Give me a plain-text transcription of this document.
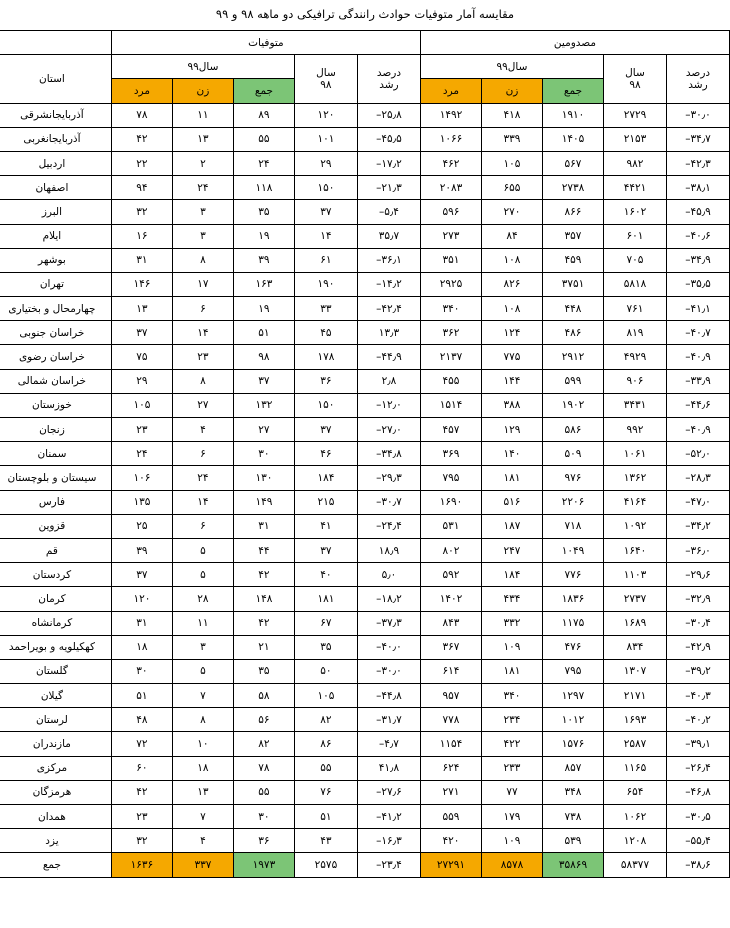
مقایسه آمار متوفیات حوادث رانندگی ترافیکی دو ماهه ۹۸ و ۹۹
مصدومین					متوفیات					

درصد
رشد

سال
۹۸
	سال۹۹	
درصد
رشد

سال
۹۸
	سال۹۹	استان
		جمع	زن	مرد			جمع	زن	مرد	
۳۰٫۰–	۲۷۲۹	۱۹۱۰	۴۱۸	۱۴۹۲	۲۵٫۸–	۱۲۰	۸۹	۱۱	۷۸	آذربایجانشرقی
۳۴٫۷–	۲۱۵۳	۱۴۰۵	۳۳۹	۱۰۶۶	۴۵٫۵–	۱۰۱	۵۵	۱۳	۴۲	آذربایجانغربی
۴۲٫۳–	۹۸۲	۵۶۷	۱۰۵	۴۶۲	۱۷٫۲–	۲۹	۲۴	۲	۲۲	اردبیل
۳۸٫۱–	۴۴۲۱	۲۷۳۸	۶۵۵	۲۰۸۳	۲۱٫۳–	۱۵۰	۱۱۸	۲۴	۹۴	اصفهان
۴۵٫۹–	۱۶۰۲	۸۶۶	۲۷۰	۵۹۶	۵٫۴–	۳۷	۳۵	۳	۳۲	البرز
۴۰٫۶–	۶۰۱	۳۵۷	۸۴	۲۷۳	۳۵٫۷	۱۴	۱۹	۳	۱۶	ایلام
۳۴٫۹–	۷۰۵	۴۵۹	۱۰۸	۳۵۱	۳۶٫۱–	۶۱	۳۹	۸	۳۱	بوشهر
۳۵٫۵–	۵۸۱۸	۳۷۵۱	۸۲۶	۲۹۲۵	۱۴٫۲–	۱۹۰	۱۶۳	۱۷	۱۴۶	تهران
۴۱٫۱–	۷۶۱	۴۴۸	۱۰۸	۳۴۰	۴۲٫۴–	۳۳	۱۹	۶	۱۳	چهارمحال و بختیاری
۴۰٫۷–	۸۱۹	۴۸۶	۱۲۴	۳۶۲	۱۳٫۳	۴۵	۵۱	۱۴	۳۷	خراسان جنوبی
۴۰٫۹–	۴۹۲۹	۲۹۱۲	۷۷۵	۲۱۳۷	۴۴٫۹–	۱۷۸	۹۸	۲۳	۷۵	خراسان رضوی
۳۳٫۹–	۹۰۶	۵۹۹	۱۴۴	۴۵۵	۲٫۸	۳۶	۳۷	۸	۲۹	خراسان شمالی
۴۴٫۶–	۳۴۳۱	۱۹۰۲	۳۸۸	۱۵۱۴	۱۲٫۰–	۱۵۰	۱۳۲	۲۷	۱۰۵	خوزستان
۴۰٫۹–	۹۹۲	۵۸۶	۱۲۹	۴۵۷	۲۷٫۰–	۳۷	۲۷	۴	۲۳	زنجان
۵۲٫۰–	۱۰۶۱	۵۰۹	۱۴۰	۳۶۹	۳۴٫۸–	۴۶	۳۰	۶	۲۴	سمنان
۲۸٫۳–	۱۳۶۲	۹۷۶	۱۸۱	۷۹۵	۲۹٫۳–	۱۸۴	۱۳۰	۲۴	۱۰۶	سیستان و بلوچستان
۴۷٫۰–	۴۱۶۴	۲۲۰۶	۵۱۶	۱۶۹۰	۳۰٫۷–	۲۱۵	۱۴۹	۱۴	۱۳۵	فارس
۳۴٫۲–	۱۰۹۲	۷۱۸	۱۸۷	۵۳۱	۲۴٫۴–	۴۱	۳۱	۶	۲۵	قزوین
۳۶٫۰–	۱۶۴۰	۱۰۴۹	۲۴۷	۸۰۲	۱۸٫۹	۳۷	۴۴	۵	۳۹	قم
۲۹٫۶–	۱۱۰۳	۷۷۶	۱۸۴	۵۹۲	۵٫۰	۴۰	۴۲	۵	۳۷	کردستان
۳۲٫۹–	۲۷۳۷	۱۸۳۶	۴۳۴	۱۴۰۲	۱۸٫۲–	۱۸۱	۱۴۸	۲۸	۱۲۰	کرمان
۳۰٫۴–	۱۶۸۹	۱۱۷۵	۳۳۲	۸۴۳	۳۷٫۳–	۶۷	۴۲	۱۱	۳۱	کرمانشاه
۴۲٫۹–	۸۳۴	۴۷۶	۱۰۹	۳۶۷	۴۰٫۰–	۳۵	۲۱	۳	۱۸	کهکیلویه و بویراحمد
۳۹٫۲–	۱۳۰۷	۷۹۵	۱۸۱	۶۱۴	۳۰٫۰–	۵۰	۳۵	۵	۳۰	گلستان
۴۰٫۳–	۲۱۷۱	۱۲۹۷	۳۴۰	۹۵۷	۴۴٫۸–	۱۰۵	۵۸	۷	۵۱	گیلان
۴۰٫۲–	۱۶۹۳	۱۰۱۲	۲۳۴	۷۷۸	۳۱٫۷–	۸۲	۵۶	۸	۴۸	لرستان
۳۹٫۱–	۲۵۸۷	۱۵۷۶	۴۲۲	۱۱۵۴	۴٫۷–	۸۶	۸۲	۱۰	۷۲	مازندران
۲۶٫۴–	۱۱۶۵	۸۵۷	۲۳۳	۶۲۴	۴۱٫۸	۵۵	۷۸	۱۸	۶۰	مرکزی
۴۶٫۸–	۶۵۴	۳۴۸	۷۷	۲۷۱	۲۷٫۶–	۷۶	۵۵	۱۳	۴۲	هرمزگان
۳۰٫۵–	۱۰۶۲	۷۳۸	۱۷۹	۵۵۹	۴۱٫۲–	۵۱	۳۰	۷	۲۳	همدان
۵۵٫۴–	۱۲۰۸	۵۳۹	۱۰۹	۴۲۰	۱۶٫۳–	۴۳	۳۶	۴	۳۲	یزد
۳۸٫۶–	۵۸۳۷۷	۳۵۸۶۹	۸۵۷۸	۲۷۲۹۱	۲۳٫۴–	۲۵۷۵	۱۹۷۳	۳۳۷	۱۶۳۶	جمع
